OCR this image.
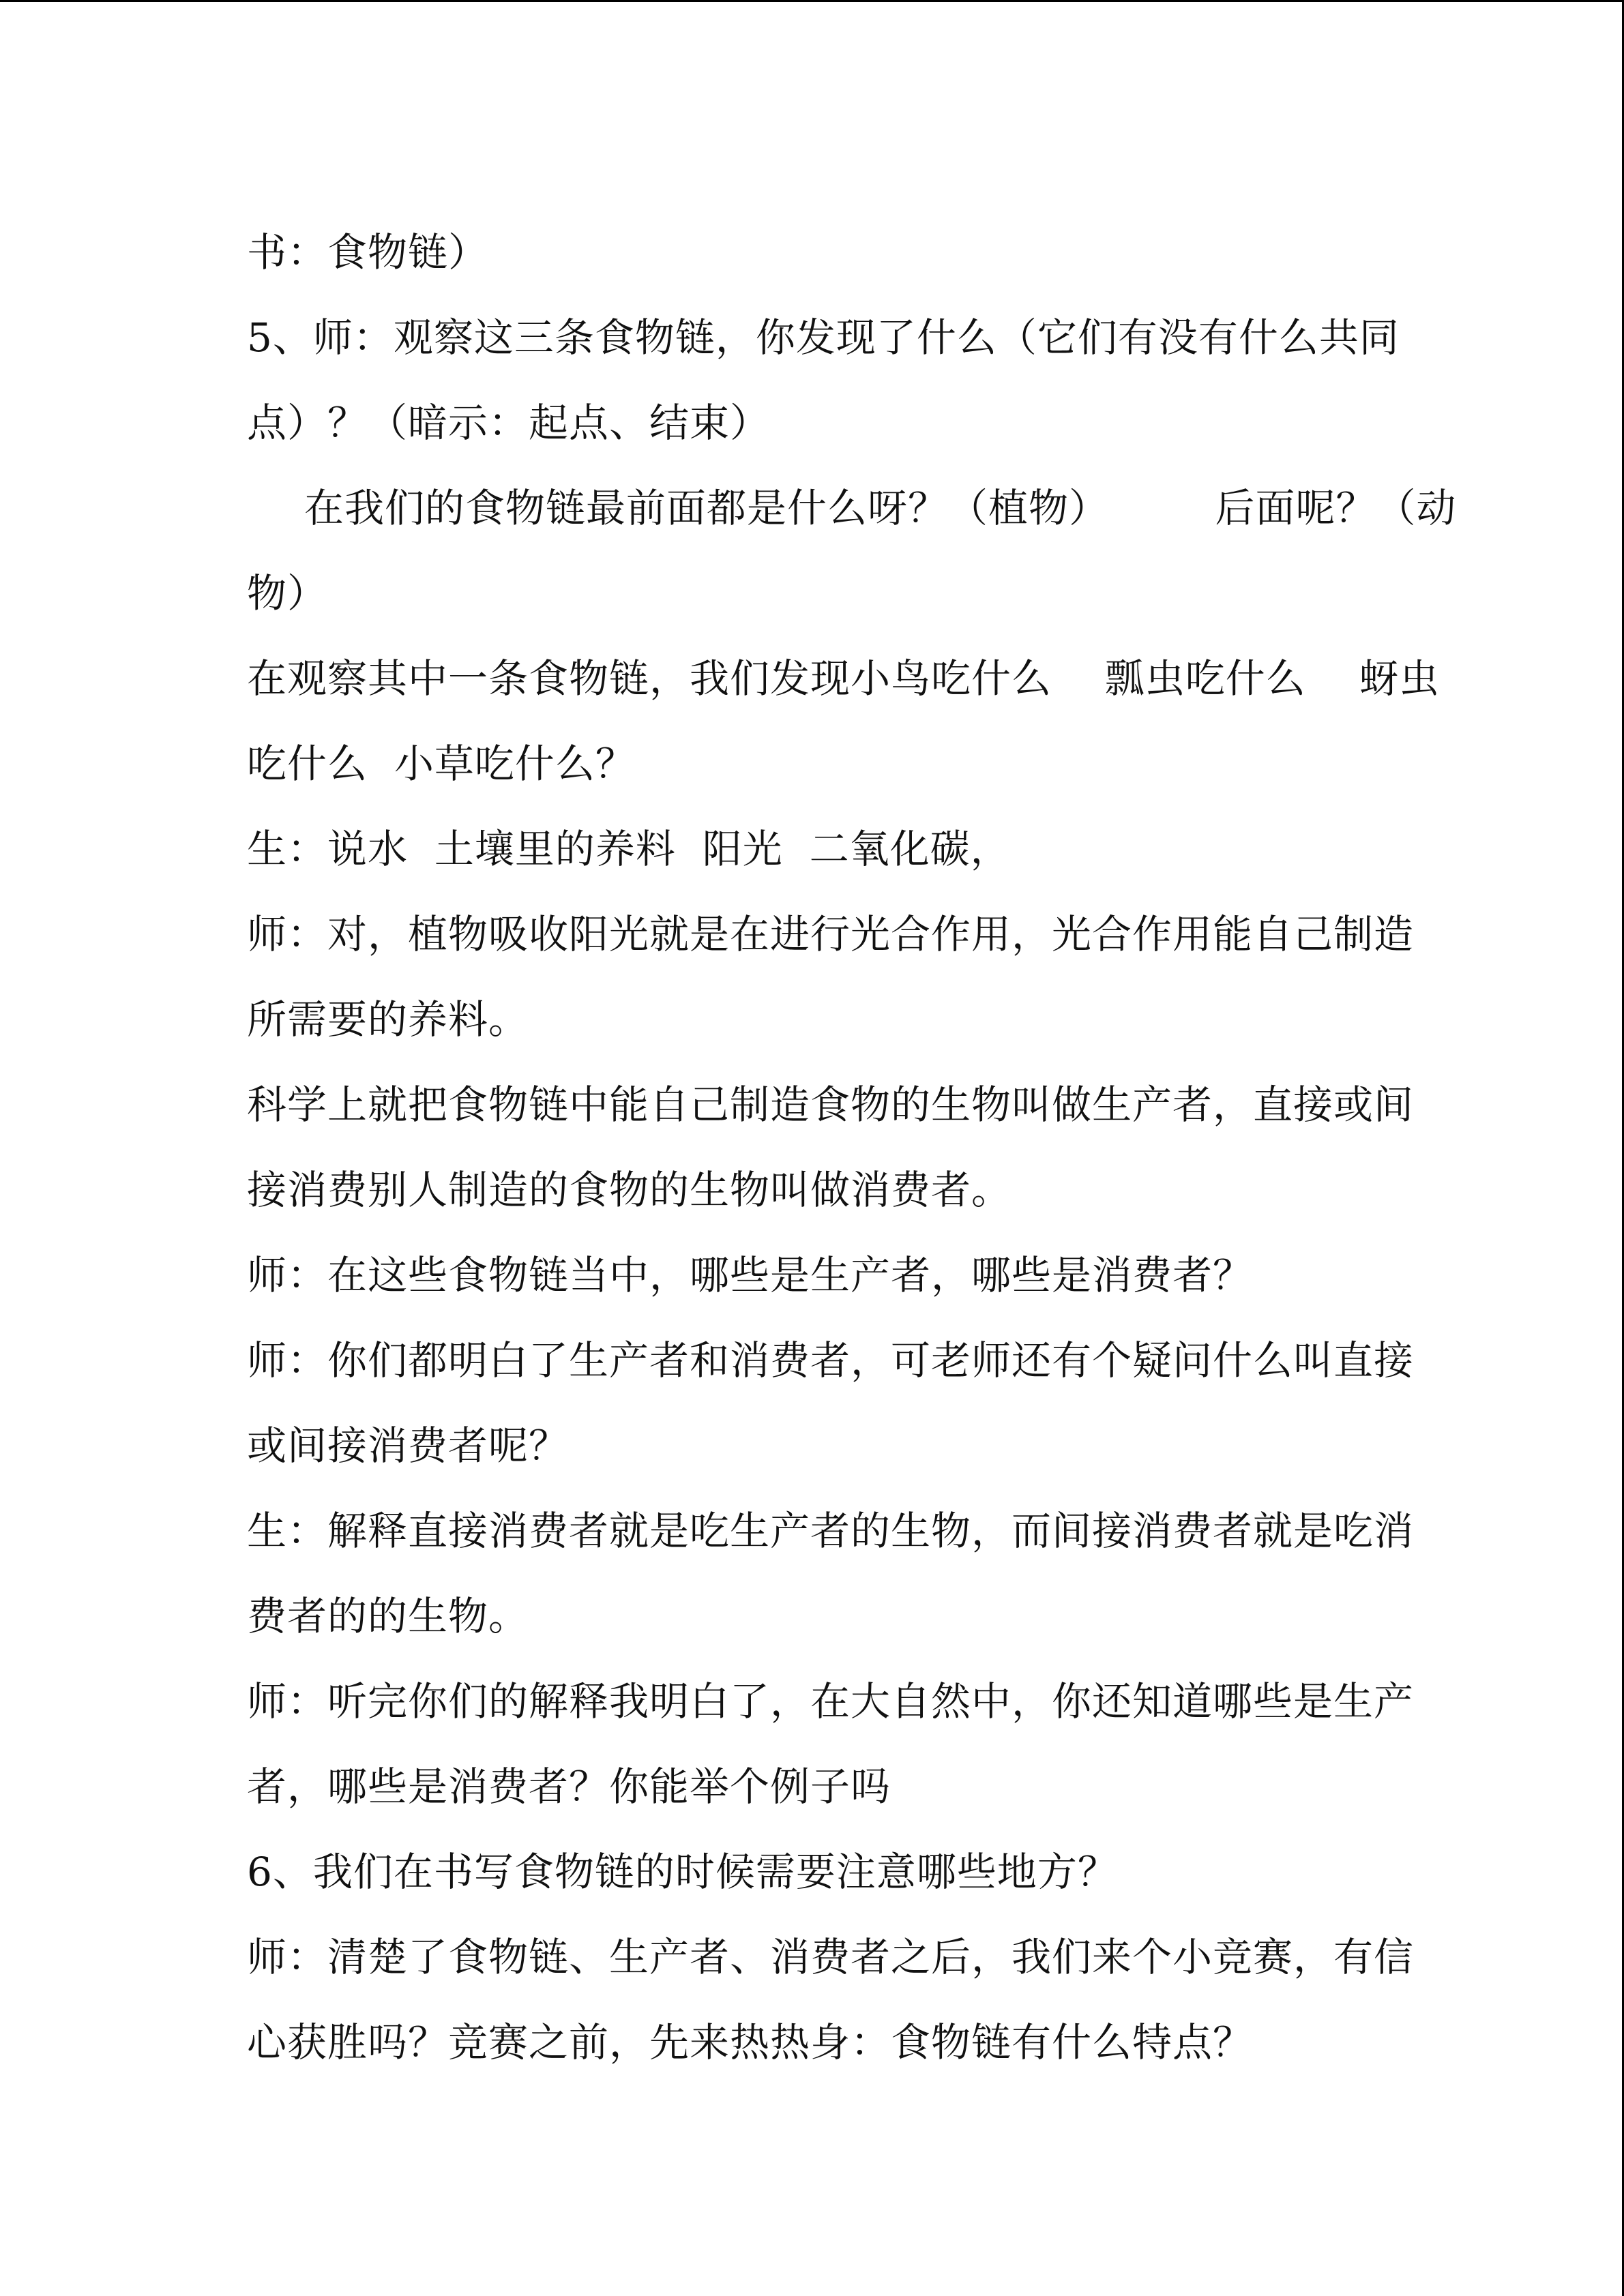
书：食物链）
5、师：观察这三条食物链，你发现了什么（它们有没有什么共同
点）？（暗示：起点、结束）
在我们的食物链最前面都是什么呀？（植物）        后面呢？（动
物）
在观察其中一条食物链，我们发现小鸟吃什么    瓢虫吃什么    蚜虫
吃什么  小草吃什么？
生：说水  土壤里的养料  阳光  二氧化碳，
师：对，植物吸收阳光就是在进行光合作用，光合作用能自己制造
所需要的养料。
科学上就把食物链中能自己制造食物的生物叫做生产者，直接或间
接消费别人制造的食物的生物叫做消费者。
师：在这些食物链当中，哪些是生产者，哪些是消费者？
师：你们都明白了生产者和消费者，可老师还有个疑问什么叫直接
或间接消费者呢？
生：解释直接消费者就是吃生产者的生物，而间接消费者就是吃消
费者的的生物。
师：听完你们的解释我明白了，在大自然中，你还知道哪些是生产
者，哪些是消费者？你能举个例子吗
6、我们在书写食物链的时候需要注意哪些地方？
师：清楚了食物链、生产者、消费者之后，我们来个小竞赛，有信
心获胜吗？竞赛之前，先来热热身：食物链有什么特点？
